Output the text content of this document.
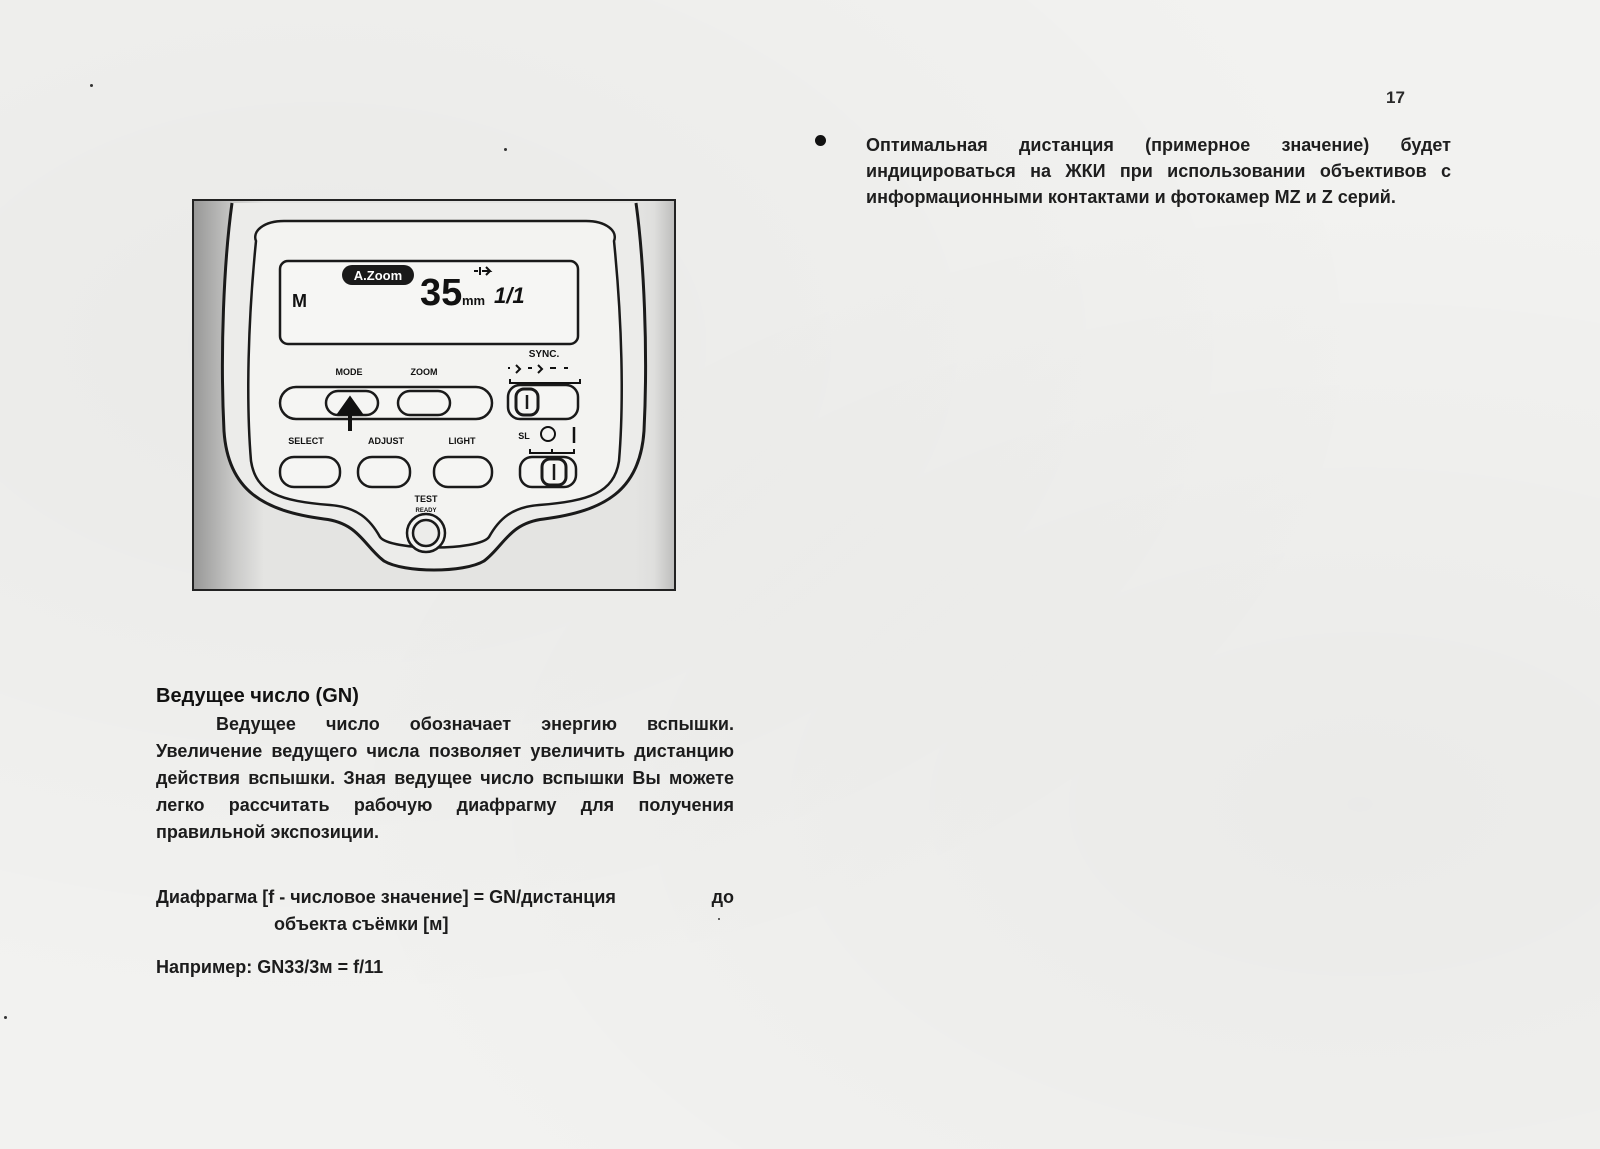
17
Оптимальная дистанция (примерное значение) будет индицироваться на ЖКИ при использовании объективов с информационными контактами и фотокамер MZ и Z серий.
M
A.Zoom 35 mm 1/1
MODE	ZOOM
SYNC.
SELECT	ADJUST	LIGHT	SL
TEST
READY
Ведущее число (GN)
Ведущее число обозначает энергию вспышки. Увеличение ведущего числа позволяет увеличить дистанцию действия вспышки. Зная ведущее число вспышки Вы можете легко рассчитать рабочую диафрагму для получения правильной экспозиции.
Диафрагма [f - числовое значение] = GN/дистанция	до
объекта съёмки [м]
Например: GN33/3м = f/11
